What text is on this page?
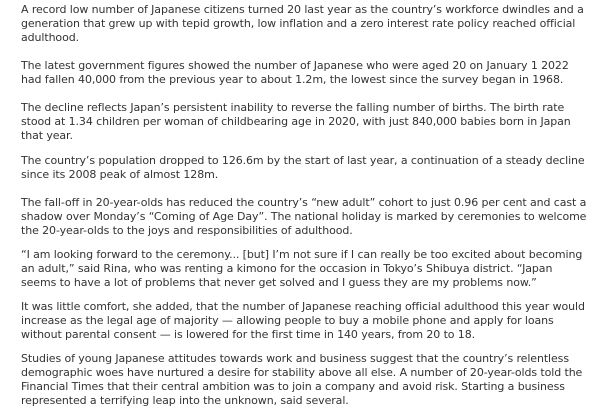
A record low number of Japanese citizens turned 20 last year as the country’s workforce dwindles and a generation that grew up with tepid growth, low inflation and a zero interest rate policy reached official adulthood.

The latest government figures showed the number of Japanese who were aged 20 on January 1 2022 had fallen 40,000 from the previous year to about 1.2m, the lowest since the survey began in 1968.

The decline reflects Japan’s persistent inability to reverse the falling number of births. The birth rate stood at 1.34 children per woman of childbearing age in 2020, with just 840,000 babies born in Japan that year.

The country’s population dropped to 126.6m by the start of last year, a continuation of a steady decline since its 2008 peak of almost 128m.

The fall-off in 20-year-olds has reduced the country’s “new adult” cohort to just 0.96 per cent and cast a shadow over Monday’s “Coming of Age Day”. The national holiday is marked by ceremonies to welcome the 20-year-olds to the joys and responsibilities of adulthood.

“I am looking forward to the ceremony... [but] I’m not sure if I can really be too excited about becoming an adult,” said Rina, who was renting a kimono for the occasion in Tokyo’s Shibuya district. “Japan seems to have a lot of problems that never get solved and I guess they are my problems now.”

It was little comfort, she added, that the number of Japanese reaching official adulthood this year would increase as the legal age of majority — allowing people to buy a mobile phone and apply for loans without parental consent — is lowered for the first time in 140 years, from 20 to 18.

Studies of young Japanese attitudes towards work and business suggest that the country’s relentless demographic woes have nurtured a desire for stability above all else. A number of 20-year-olds told the Financial Times that their central ambition was to join a company and avoid risk. Starting a business represented a terrifying leap into the unknown, said several.
